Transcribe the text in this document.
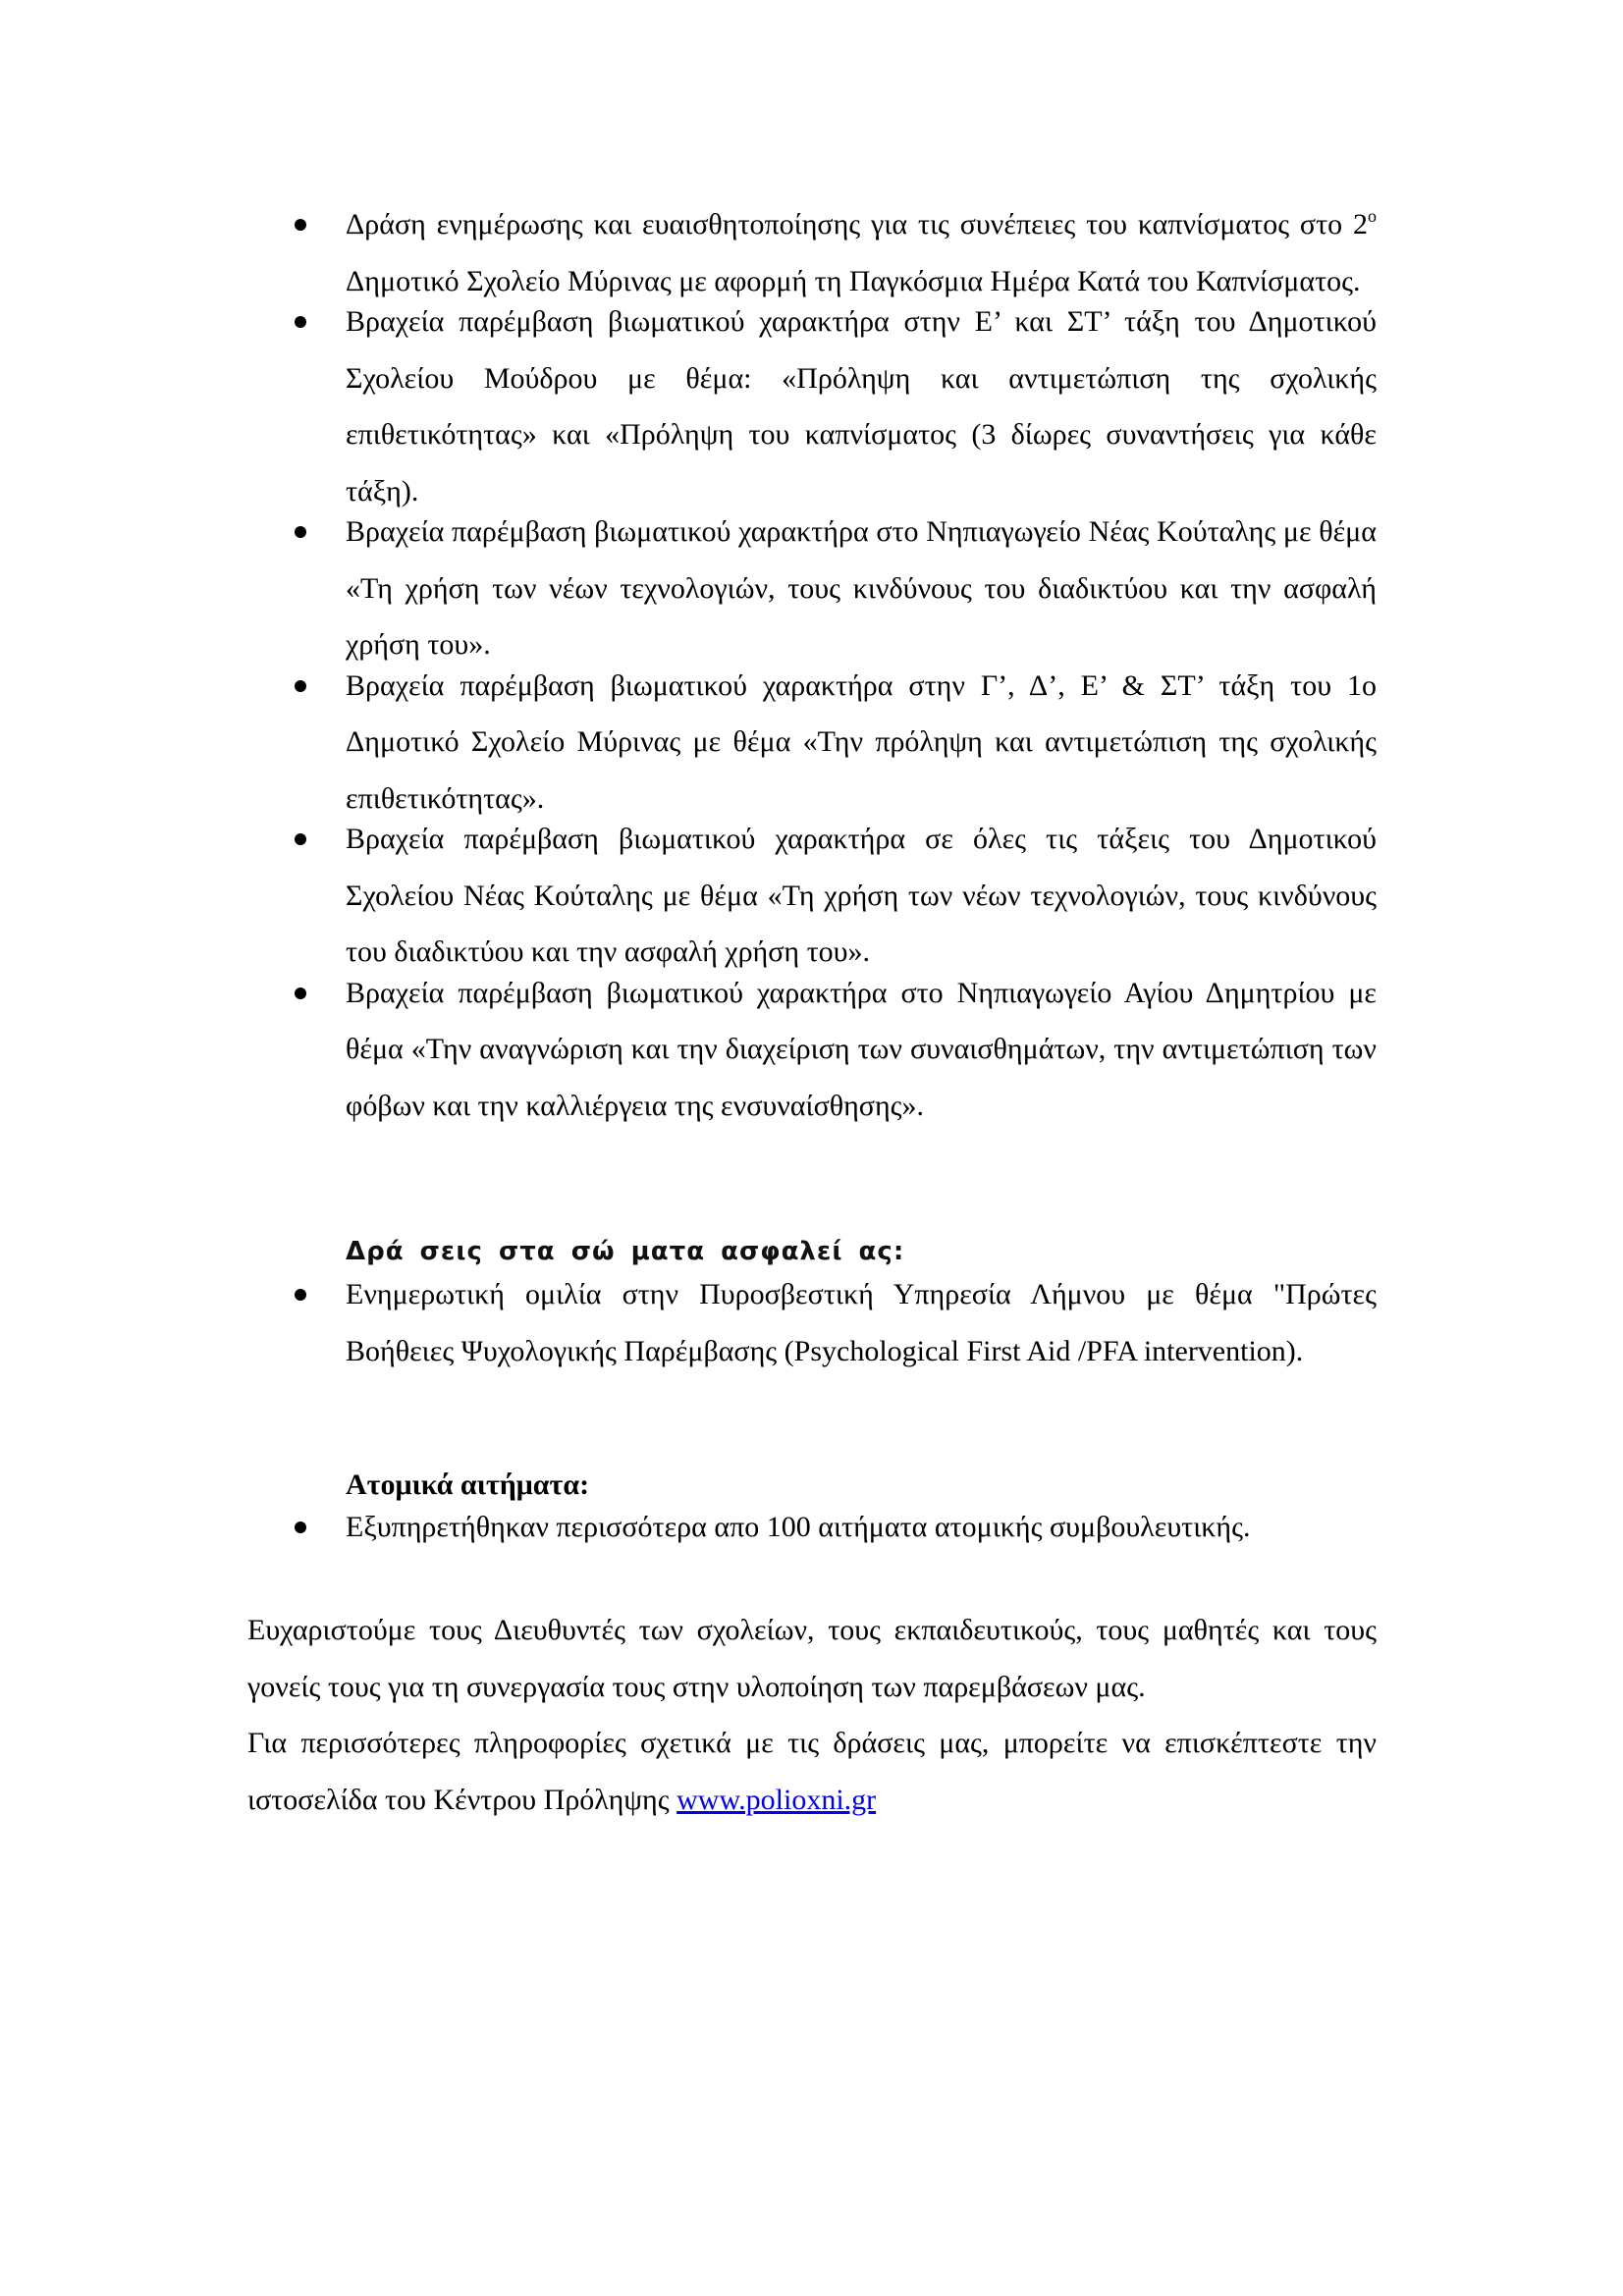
Δράση ενημέρωσης και ευαισθητοποίησης για τις συνέπειες του καπνίσματος στο $2^o$ Δημοτικό Σχολείο Μύρινας με αφορμή τη Παγκόσμια Ημέρα Κατά του Καπνίσματος.
Βραχεία παρέμβαση βιωματικού χαρακτήρα στην Ε’ και ΣΤ’ τάξη του Δημοτικού Σχολείου Μούδρου με θέμα: «Πρόληψη και αντιμετώπιση της σχολικής επιθετικότητας» και «Πρόληψη του καπνίσματος (3 δίωρες συναντήσεις για κάθε τάξη).
Βραχεία παρέμβαση βιωματικού χαρακτήρα στο Νηπιαγωγείο Νέας Κούταλης με θέμα «Τη χρήση των νέων τεχνολογιών, τους κινδύνους του διαδικτύου και την ασφαλή χρήση του».
Βραχεία παρέμβαση βιωματικού χαρακτήρα στην Γ’, Δ’, Ε’ & ΣΤ’ τάξη του 1ο Δημοτικό Σχολείο Μύρινας με θέμα «Την πρόληψη και αντιμετώπιση της σχολικής επιθετικότητας».
Βραχεία παρέμβαση βιωματικού χαρακτήρα σε όλες τις τάξεις του Δημοτικού Σχολείου Νέας Κούταλης με θέμα «Τη χρήση των νέων τεχνολογιών, τους κινδύνους του διαδικτύου και την ασφαλή χρήση του».
Βραχεία παρέμβαση βιωματικού χαρακτήρα στο Νηπιαγωγείο Αγίου Δημητρίου με θέμα «Την αναγνώριση και την διαχείριση των συναισθημάτων, την αντιμετώπιση των φόβων και την καλλιέργεια της ενσυναίσθησης».
Δρά σεις στα σώ ματα ασφαλεί ας:
Ενημερωτική ομιλία στην Πυροσβεστική Υπηρεσία Λήμνου με θέμα "Πρώτες Βοήθειες Ψυχολογικής Παρέμβασης (Psychological First Aid /PFA intervention).
Ατομικά αιτήματα:
Εξυπηρετήθηκαν περισσότερα απο 100 αιτήματα ατομικής συμβουλευτικής.

Ευχαριστούμε τους Διευθυντές των σχολείων, τους εκπαιδευτικούς, τους μαθητές και τους γονείς τους για τη συνεργασία τους στην υλοποίηση των παρεμβάσεων μας.

Για περισσότερες πληροφορίες σχετικά με τις δράσεις μας, μπορείτε να επισκέπτεστε την ιστοσελίδα του Κέντρου Πρόληψης www.polioxni.gr
